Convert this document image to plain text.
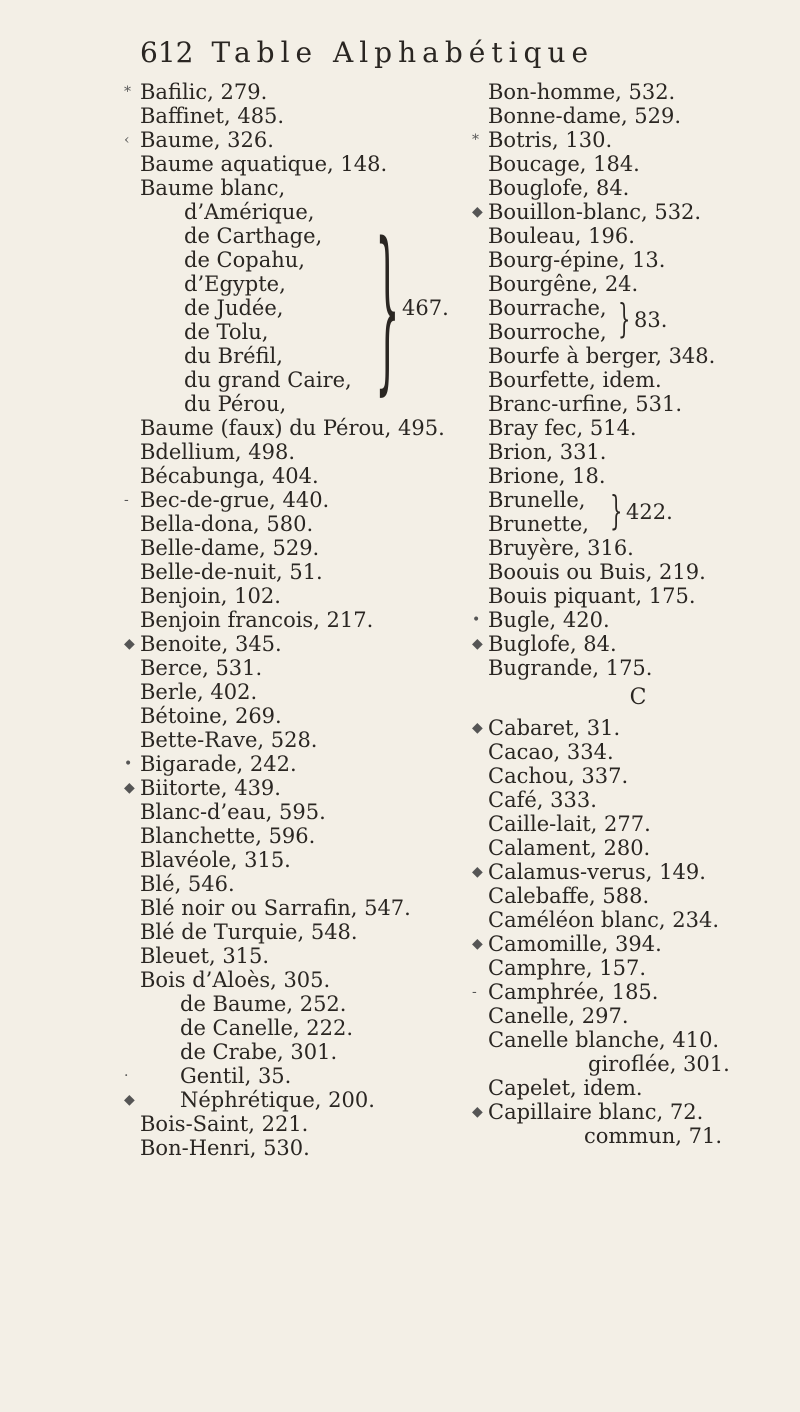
612 Table Alphabétique
* Bafilic, 279.
Baffinet, 485.
‹ Baume, 326.
Baume aquatique, 148.
Baume blanc,
d’Amérique,
de Carthage,
de Copahu,
d’Egypte,
de Judée,
de Tolu,
du Bréfil,
du grand Caire,
du Pérou, } 467.
Baume (faux) du Pérou, 495.
Bdellium, 498.
Bécabunga, 404.
- Bec-de-grue, 440.
Bella-dona, 580.
Belle-dame, 529.
Belle-de-nuit, 51.
Benjoin, 102.
Benjoin francois, 217.
◆ Benoite, 345.
Berce, 531.
Berle, 402.
Bétoine, 269.
Bette-Rave, 528.
• Bigarade, 242.
◆ Biitorte, 439.
Blanc-d’eau, 595.
Blanchette, 596.
Blavéole, 315.
Blé, 546.
Blé noir ou Sarrafin, 547.
Blé de Turquie, 548.
Bleuet, 315.
Bois d’Aloès, 305.
de Baume, 252.
de Canelle, 222.
de Crabe, 301.
· Gentil, 35.
◆ Néphrétique, 200.
Bois-Saint, 221.
Bon-Henri, 530.
Bon-homme, 532.
Bonne-dame, 529.
* Botris, 130.
Boucage, 184.
Bouglofe, 84.
◆ Bouillon-blanc, 532.
Bouleau, 196.
Bourg-épine, 13.
Bourgêne, 24.
Bourrache,
Bourroche, } 83.
Bourfe à berger, 348.
Bourfette, idem.
Branc-urfine, 531.
Bray fec, 514.
Brion, 331.
Brione, 18.
Brunelle,
Brunette, } 422.
Bruyère, 316.
Boouis ou Buis, 219.
Bouis piquant, 175.
• Bugle, 420.
◆ Buglofe, 84.
Bugrande, 175.
C
◆ Cabaret, 31.
Cacao, 334.
Cachou, 337.
Café, 333.
Caille-lait, 277.
Calament, 280.
◆ Calamus-verus, 149.
Calebaffe, 588.
Caméléon blanc, 234.
◆ Camomille, 394.
Camphre, 157.
- Camphrée, 185.
Canelle, 297.
Canelle blanche, 410.
giroflée, 301.
Capelet, idem.
◆ Capillaire blanc, 72.
commun, 71.
